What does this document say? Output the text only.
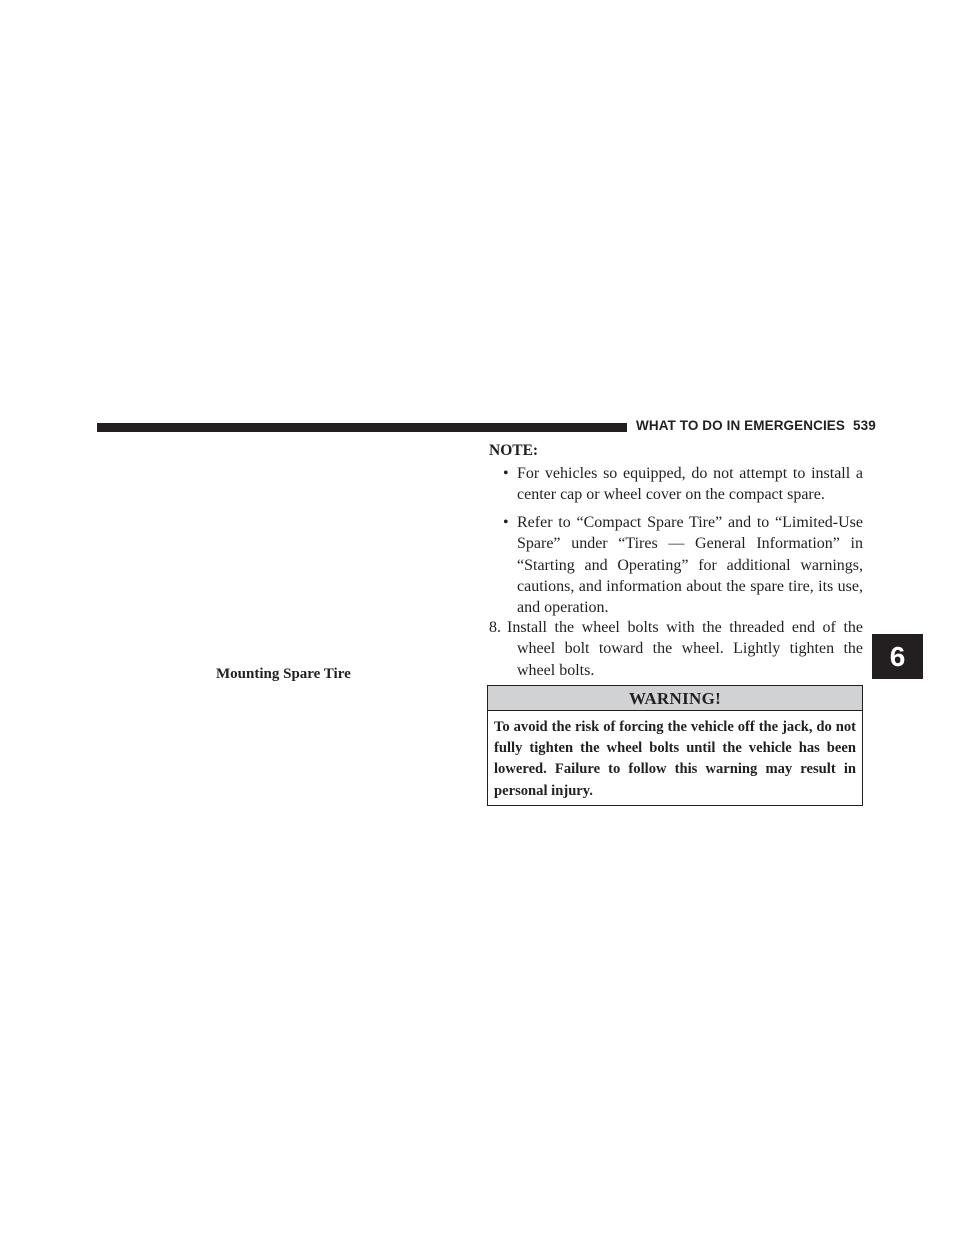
WHAT TO DO IN EMERGENCIES 539
Mounting Spare Tire
NOTE:
• For vehicles so equipped, do not attempt to install a center cap or wheel cover on the compact spare.
• Refer to “Compact Spare Tire” and to “Limited-Use Spare” under “Tires — General Information” in “Starting and Operating” for additional warnings, cautions, and information about the spare tire, its use, and operation.
8. Install the wheel bolts with the threaded end of the wheel bolt toward the wheel. Lightly tighten the wheel bolts.
WARNING!
To avoid the risk of forcing the vehicle off the jack, do not fully tighten the wheel bolts until the vehicle has been lowered. Failure to follow this warning may result in personal injury.
6
